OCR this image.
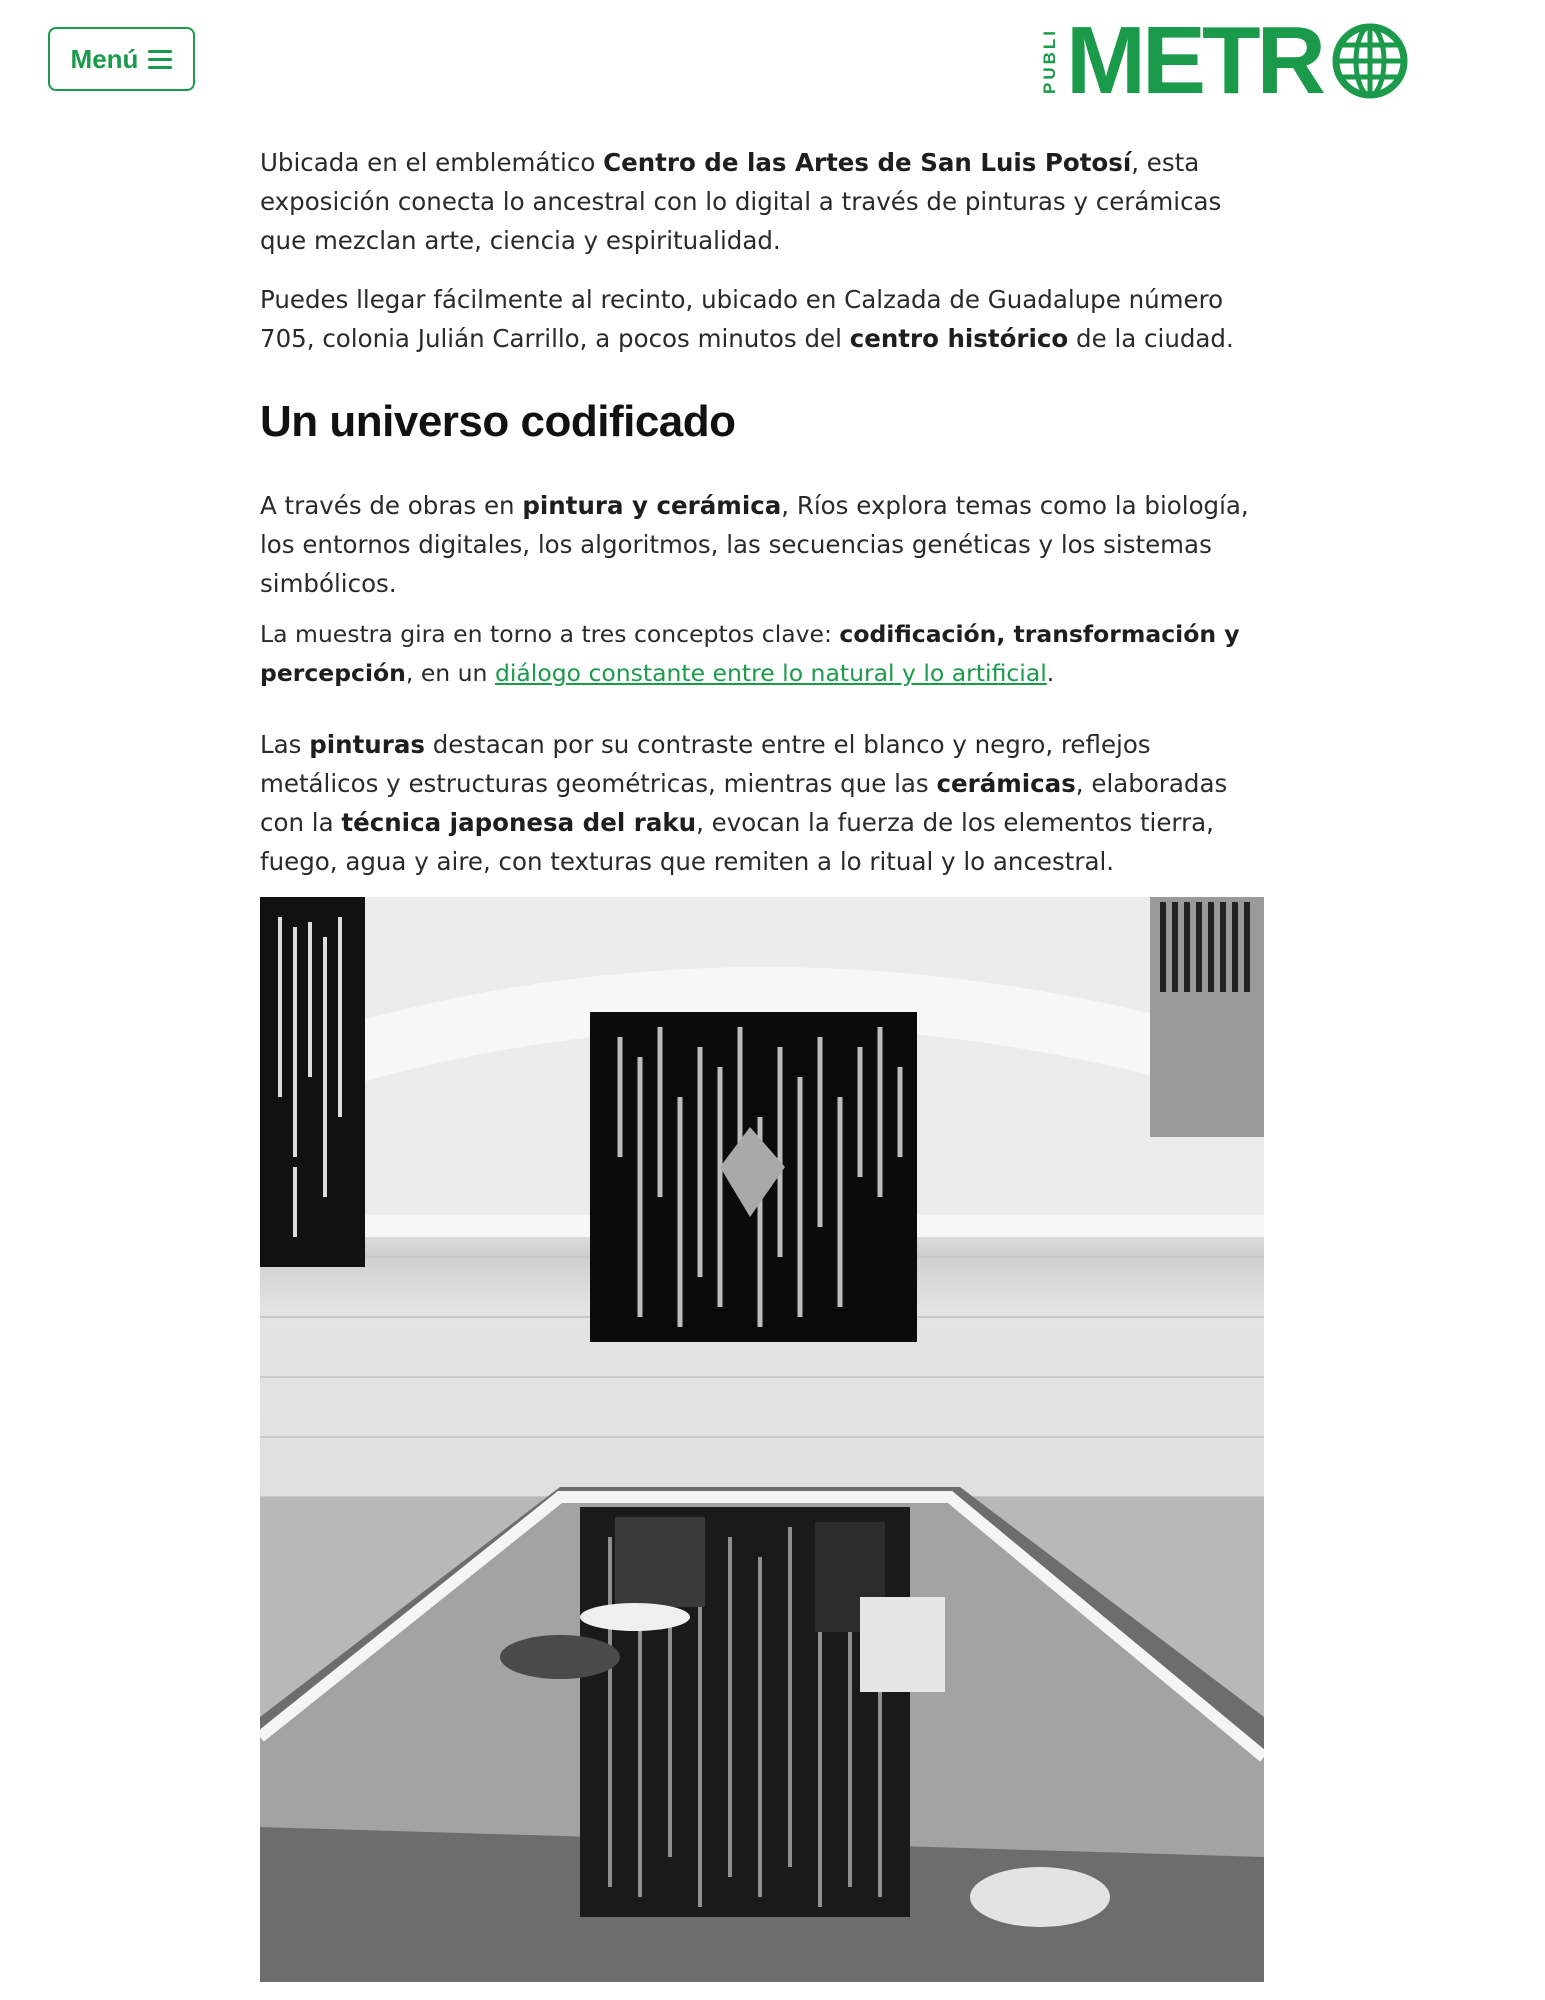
Menú	PUBLI METR

Ubicada en el emblemático Centro de las Artes de San Luis Potosí, esta exposición conecta lo ancestral con lo digital a través de pinturas y cerámicas que mezclan arte, ciencia y espiritualidad.

Puedes llegar fácilmente al recinto, ubicado en Calzada de Guadalupe número 705, colonia Julián Carrillo, a pocos minutos del centro histórico de la ciudad.

Un universo codificado

A través de obras en pintura y cerámica, Ríos explora temas como la biología, los entornos digitales, los algoritmos, las secuencias genéticas y los sistemas simbólicos.

La muestra gira en torno a tres conceptos clave: codificación, transformación y percepción, en un diálogo constante entre lo natural y lo artificial.

Las pinturas destacan por su contraste entre el blanco y negro, reflejos metálicos y estructuras geométricas, mientras que las cerámicas, elaboradas con la técnica japonesa del raku, evocan la fuerza de los elementos tierra, fuego, agua y aire, con texturas que remiten a lo ritual y lo ancestral.
